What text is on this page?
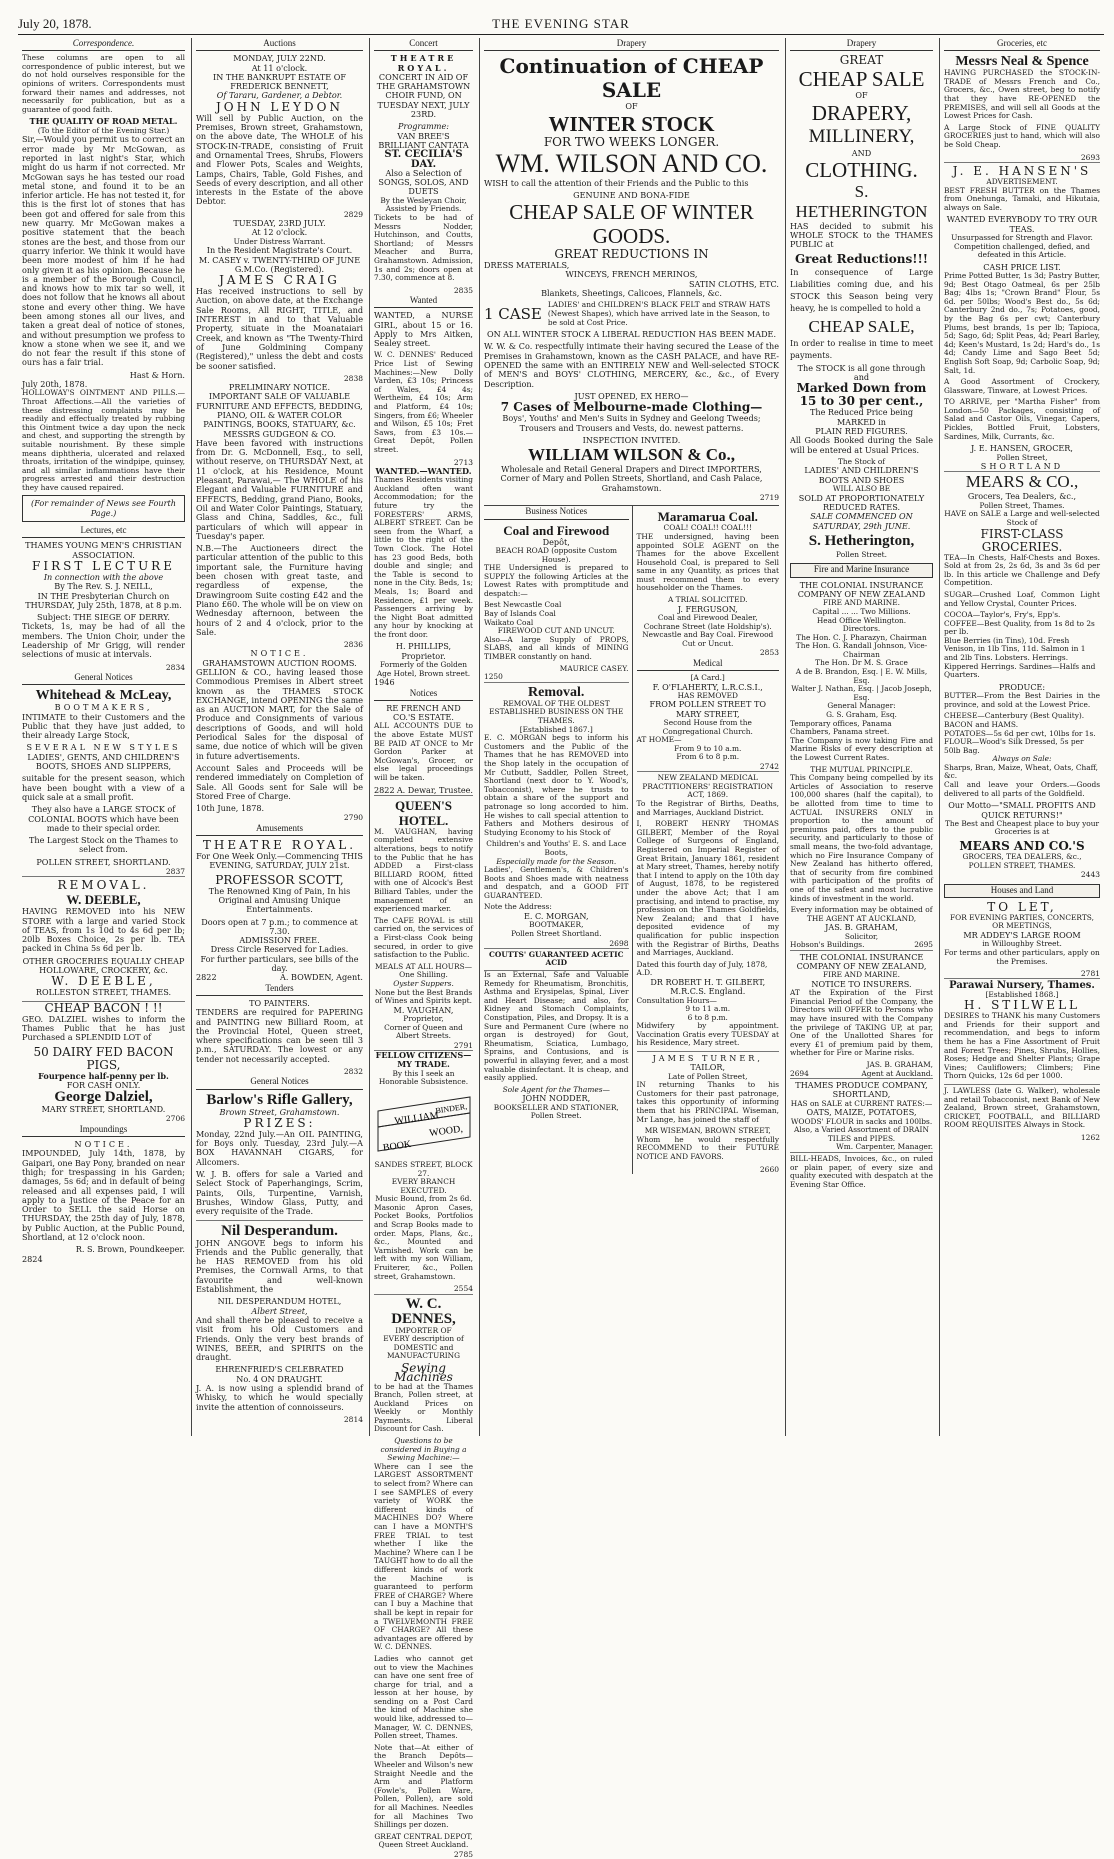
July 20, 1878.	THE EVENING STAR
Correspondence.

These columns are open to all correspondence of public interest, but we do not hold ourselves responsible for the opinions of writers. Correspondents must forward their names and addresses, not necessarily for publication, but as a guarantee of good faith.

THE QUALITY OF ROAD METAL.
(To the Editor of the Evening Star.)

Sir,—Would you permit us to correct an error made by Mr McGowan, as reported in last night's Star, which might do us harm if not corrected. Mr McGowan says he has tested our road metal stone, and found it to be an inferior article. He has not tested it, for this is the first lot of stones that has been got and offered for sale from this new quarry. Mr McGowan makes a positive statement that the beach stones are the best, and those from our quarry inferior. We think it would have been more modest of him if he had only given it as his opinion. Because he is a member of the Borough Council, and knows how to mix tar so well, it does not follow that he knows all about stone and every other thing. We have been among stones all our lives, and taken a great deal of notice of stones, and without presumption we profess to know a stone when we see it, and we do not fear the result if this stone of ours has a fair trial.

Hast & Horn.
July 20th, 1878.

HOLLOWAY'S OINTMENT AND PILLS.—Throat Affections.—All the varieties of these distressing complaints may be readily and effectually treated by rubbing this Ointment twice a day upon the neck and chest, and supporting the strength by suitable nourishment. By these simple means diphtheria, ulcerated and relaxed throats, irritation of the windpipe, quinsey, and all similar inflammations have their progress arrested and their destruction they have caused repaired.

(For remainder of News see Fourth Page.)
Lectures, etc
THAMES YOUNG MEN'S CHRISTIAN ASSOCIATION.
FIRST LECTURE
In connection with the above
By The Rev. S. J. NEILL,

IN THE Presbyterian Church on THURSDAY, July 25th, 1878, at 8 p.m.

Subject: THE SIEGE OF DERRY.

Tickets, 1s, may be had of all the members. The Union Choir, under the Leadership of Mr Grigg, will render selections of music at intervals.

2834
General Notices
Whitehead & McLeay,
BOOTMAKERS,

INTIMATE to their Customers and the Public that they have just added, to their already Large Stock,

SEVERAL NEW STYLES

LADIES', GENTS, AND CHILDREN'S BOOTS, SHOES AND SLIPPERS,

suitable for the present season, which have been bought with a view of a quick sale at a small profit.

They also have a LARGE STOCK of COLONIAL BOOTS which have been made to their special order.

The Largest Stock on the Thames to select from.

POLLEN STREET, SHORTLAND.
2837
REMOVAL.
W. DEEBLE,

HAVING REMOVED into his NEW STORE with a large and varied Stock of TEAS, from 1s 10d to 4s 6d per lb; 20lb Boxes Choice, 2s per lb. TEA packed in China 5s 6d per lb.

OTHER GROCERIES EQUALLY CHEAP
HOLLOWARE, CROCKERY, &c.
W. DEEBLE,
ROLLESTON STREET, THAMES.
CHEAP BACON ! !!

GEO. DALZIEL wishes to inform the Thames Public that he has just Purchased a SPLENDID LOT of

50 DAIRY FED BACON PIGS,
Fourpence half-penny per lb.
FOR CASH ONLY.
George Dalziel,
MARY STREET, SHORTLAND.
2706
Impoundings
NOTICE.

IMPOUNDED, July 14th, 1878, by Gaipari, one Bay Pony, branded on near thigh; for trespassing in his Garden; damages, 5s 6d; and in default of being released and all expenses paid, I will apply to a Justice of the Peace for an Order to SELL the said Horse on THURSDAY, the 25th day of July, 1878, by Public Auction, at the Public Pound, Shortland, at 12 o'clock noon.

R. S. Brown, Poundkeeper.
2824
Auctions
MONDAY, JULY 22ND.
At 11 o'clock.
IN THE BANKRUPT ESTATE OF FREDERICK BENNETT,
Of Tararu, Gardener, a Debtor.
JOHN LEYDON

Will sell by Public Auction, on the Premises, Brown street, Grahamstown, on the above date, The WHOLE of his STOCK-IN-TRADE, consisting of Fruit and Ornamental Trees, Shrubs, Flowers and Flower Pots, Scales and Weights, Lamps, Chairs, Table, Gold Fishes, and Seeds of every description, and all other interests in the Estate of the above Debtor.

2829
TUESDAY, 23RD JULY.
At 12 o'clock.
Under Distress Warrant.
In the Resident Magistrate's Court.
M. CASEY v. TWENTY-THIRD OF JUNE G.M.Co. (Registered).
JAMES CRAIG

Has received instructions to sell by Auction, on above date, at the Exchange Sale Rooms, All RIGHT, TITLE, and INTEREST in and to that Valuable Property, situate in the Moanataiari Creek, and known as "The Twenty-Third of June Goldmining Company (Registered)," unless the debt and costs be sooner satisfied.

2838
PRELIMINARY NOTICE.
IMPORTANT SALE OF VALUABLE FURNITURE AND EFFECTS, BEDDING, PIANO, OIL & WATER COLOR PAINTINGS, BOOKS, STATUARY, &c.
MESSRS GUDGEON & CO.

Have been favored with instructions from Dr. G. McDonnell, Esq., to sell, without reserve, on THURSDAY Next, at 11 o'clock, at his Residence, Mount Pleasant, Parawai,— The WHOLE of his Elegant and Valuable FURNITURE and EFFECTS, Bedding, grand Piano, Books, Oil and Water Color Paintings, Statuary, Glass and China, Saddles, &c., full particulars of which will appear in Tuesday's paper.

N.B.—The Auctioneers direct the particular attention of the public to this important sale, the Furniture having been chosen with great taste, and regardless of expense, the Drawingroom Suite costing £42 and the Piano £60. The whole will be on view on Wednesday afternoon, between the hours of 2 and 4 o'clock, prior to the Sale.

2836
NOTICE.
GRAHAMSTOWN AUCTION ROOMS.

GELLION & CO., having leased those Commodious Premises in Albert street known as the THAMES STOCK EXCHANGE, intend OPENING the same as an AUCTION MART, for the Sale of Produce and Consignments of various descriptions of Goods, and will hold Periodical Sales for the disposal of same, due notice of which will be given in future advertisements.

Account Sales and Proceeds will be rendered immediately on Completion of Sale. All Goods sent for Sale will be Stored Free of Charge.

10th June, 1878.
2790
Amusements
THEATRE ROYAL.

For One Week Only.—Commencing THIS EVENING, SATURDAY, JULY 21st.

PROFESSOR SCOTT,

The Renowned King of Pain, In his Original and Amusing Unique Entertainments.

Doors open at 7 p.m.; to commence at 7.30.
ADMISSION FREE.
Dress Circle Reserved for Ladies.
For further particulars, see bills of the day.
2822	A. BOWDEN, Agent.
Tenders
TO PAINTERS.

TENDERS are required for PAPERING and PAINTING new Billiard Room, at the Provincial Hotel, Queen street, where specifications can be seen till 3 p.m., SATURDAY. The lowest or any tender not necessarily accepted.

2832
General Notices
Barlow's Rifle Gallery,
Brown Street, Grahamstown.
PRIZES:

Monday, 22nd July.—An OIL PAINTING, for Boys only. Tuesday, 23rd July.—A BOX HAVANNAH CIGARS, for Allcomers.

W. J. B. offers for sale a Varied and Select Stock of Paperhangings, Scrim, Paints, Oils, Turpentine, Varnish, Brushes, Window Glass, Putty, and every requisite of the Trade.

Nil Desperandum.

JOHN ANGOVE begs to inform his Friends and the Public generally, that he HAS REMOVED from his old Premises, the Cornwall Arms, to that favourite and well-known Establishment, the

NIL DESPERANDUM HOTEL,
Albert Street,

And shall there be pleased to receive a visit from his Old Customers and Friends. Only the very best brands of WINES, BEER, and SPIRITS on the draught.

EHRENFRIED'S CELEBRATED
No. 4 ON DRAUGHT.

J. A. is now using a splendid brand of Whisky, to which he would specially invite the attention of connoisseurs.

2814
Concert
THEATRE ROYAL.

CONCERT IN AID OF THE GRAHAMSTOWN CHOIR FUND, ON TUESDAY NEXT, JULY 23RD.

Programme:
VAN BREE'S BRILLIANT CANTATA
ST. CECILIA'S DAY.
Also a Selection of SONGS, SOLOS, AND DUETS
By the Wesleyan Choir, Assisted by Friends.

Tickets to be had of Messrs Nodder, Hutchinson, and Coutts, Shortland; of Messrs Meacher and Burra, Grahamstown. Admission, 1s and 2s; doors open at 7.30, commence at 8.

2835
Wanted

WANTED, a NURSE GIRL, about 15 or 16. Apply to Mrs Aitken, Sealey street.

W. C. DENNES' Reduced Price List of Sewing Machines:—New Dolly Varden, £3 10s; Princess of Wales, £4 4s; Wertheim, £4 10s; Arm and Platform, £4 10s; Singers, from £6; Wheeler and Wilson, £5 10s; Fret Saws, from £3 10s.—Great Depôt, Pollen street.

2713
WANTED.—WANTED.

Thames Residents visiting Auckland often want Accommodation; for the future try the FORESTERS' ARMS, ALBERT STREET. Can be seen from the Wharf, a little to the right of the Town Clock. The Hotel has 23 good Beds, both double and single; and the Table is second to none in the City. Beds, 1s; Meals, 1s; Board and Residence, £1 per week. Passengers arriving by the Night Boat admitted any hour by knocking at the front door.

H. PHILLIPS, Proprietor.
Formerly of the Golden Age Hotel, Brown street.
1946
Notices
RE FRENCH AND CO.'S ESTATE.

ALL ACCOUNTS DUE to the above Estate MUST BE PAID AT ONCE to Mr Gordon Parker at McGowan's, Grocer, or else legal proceedings will be taken.

2822 A. Dewar, Trustee.
QUEEN'S HOTEL.

M. VAUGHAN, having completed extensive alterations, begs to notify to the Public that he has ADDED a First-class BILLIARD ROOM, fitted with one of Alcock's Best Billiard Tables, under the management of an experienced marker.

The CAFE ROYAL is still carried on, the services of a First-class Cook being secured, in order to give satisfaction to the Public.

MEALS AT ALL HOURS—One Shilling.
Oyster Suppers.
None but the Best Brands of Wines and Spirits kept.
M. VAUGHAN,
Proprietor,
Corner of Queen and Albert Streets.
2791
FELLOW CITIZENS—MY TRADE.
By this I seek an Honorable Subsistence.
WILLIAM
BINDER,
BOOK
WOOD,
SANDES STREET, BLOCK 27.
EVERY BRANCH EXECUTED.
Music Bound, from 2s 6d.

Masonic Apron Cases, Pocket Books, Portfolios and Scrap Books made to order. Maps, Plans, &c., &c., Mounted and Varnished. Work can be left with my son William, Fruiterer, &c., Pollen street, Grahamstown.

2554
W. C. DENNES,
IMPORTER OF

EVERY description of DOMESTIC and MANUFACTURING

Sewing Machines

to be had at the Thames Branch, Pollen street, at Auckland Prices on Weekly or Monthly Payments. Liberal Discount for Cash.

Questions to be considered in Buying a Sewing Machine:—

Where can I see the LARGEST ASSORTMENT to select from? Where can I see SAMPLES of every variety of WORK the different kinds of MACHINES DO? Where can I have a MONTH'S FREE TRIAL to test whether I like the Machine? Where can I be TAUGHT how to do all the different kinds of work the Machine is guaranteed to perform FREE of CHARGE? Where can I buy a Machine that shall be kept in repair for a TWELVEMONTH FREE OF CHARGE? All these advantages are offered by W. C. DENNES.

Ladies who cannot get out to view the Machines can have one sent free of charge for trial, and a lesson at her house, by sending on a Post Card the kind of Machine she would like, addressed to—Manager, W. C. DENNES, Pollen street, Thames.

Note that—At either of the Branch Depôts—Wheeler and Wilson's new Straight Needle and the Arm and Platform (Fowle's, Pollen Ware, Pollen, Pollen), are sold for all Machines. Needles for all Machines Two Shillings per dozen.

GREAT CENTRAL DEPOT,
Queen Street Auckland.
2785
Drapery
Continuation of CHEAP SALE
OF
WINTER STOCK
FOR TWO WEEKS LONGER.
WM. WILSON AND CO.

WISH to call the attention of their Friends and the Public to this

GENUINE AND BONA-FIDE
CHEAP SALE OF WINTER GOODS.
GREAT REDUCTIONS IN
DRESS MATERIALS,
WINCEYS, FRENCH MERINOS,
SATIN CLOTHS, ETC.
Blankets, Sheetings, Calicoes, Flannels, &c.
1 CASE LADIES' and CHILDREN'S BLACK FELT and STRAW HATS (Newest Shapes), which have arrived late in the Season, to be sold at Cost Price.
ON ALL WINTER STOCK A LIBERAL REDUCTION HAS BEEN MADE.

W. W. & Co. respectfully intimate their having secured the Lease of the Premises in Grahamstown, known as the CASH PALACE, and have RE-OPENED the same with an ENTIRELY NEW and Well-selected STOCK of MEN'S and BOYS' CLOTHING, MERCERY, &c., &c., of Every Description.

JUST OPENED, EX HERO—
7 Cases of Melbourne-made Clothing—

Boys', Youths' and Men's Suits in Sydney and Geelong Tweeds; Trousers and Trousers and Vests, do. newest patterns.

INSPECTION INVITED.
WILLIAM WILSON & Co.,
Wholesale and Retail General Drapers and Direct IMPORTERS,
Corner of Mary and Pollen Streets, Shortland, and Cash Palace, Grahamstown.
2719
Business Notices
Coal and Firewood
Depôt,
BEACH ROAD (opposite Custom House).

THE Undersigned is prepared to SUPPLY the following Articles at the Lowest Rates with promptitude and despatch:—

Best Newcastle Coal
Bay of Islands Coal
Waikato Coal
FIREWOOD CUT AND UNCUT.

Also—A large Supply of PROPS, SLABS, and all kinds of MINING TIMBER constantly on hand.

MAURICE CASEY.
1250
Removal.
REMOVAL OF THE OLDEST ESTABLISHED BUSINESS ON THE THAMES.
[Established 1867.]

E. C. MORGAN begs to inform his Customers and the Public of the Thames that he has REMOVED into the Shop lately in the occupation of Mr Cutbutt, Saddler, Pollen Street, Shortland (next door to Y. Wood's, Tobacconist), where he trusts to obtain a share of the support and patronage so long accorded to him. He wishes to call special attention to Fathers and Mothers desirous of Studying Economy to his Stock of

Children's and Youths' E. S. and Lace Boots,
Especially made for the Season.

Ladies', Gentlemen's, & Children's Boots and Shoes made with neatness and despatch, and a GOOD FIT GUARANTEED.

Note the Address:
E. C. MORGAN,
BOOTMAKER,
Pollen Street Shortland.
2698
COUTTS' GUARANTEED ACETIC ACID

Is an External, Safe and Valuable Remedy for Rheumatism, Bronchitis, Asthma and Erysipelas, Spinal, Liver and Heart Disease; and also, for Kidney and Stomach Complaints, Constipation, Piles, and Dropsy. It is a Sure and Permanent Cure (where no organ is destroyed) for Gout, Rheumatism, Sciatica, Lumbago, Sprains, and Contusions, and is powerful in allaying fever, and a most valuable disinfectant. It is cheap, and easily applied.

Sole Agent for the Thames—
JOHN NODDER,
BOOKSELLER AND STATIONER,
Pollen Street.
Maramarua Coal.
COAL! COAL!! COAL!!!

THE undersigned, having been appointed SOLE AGENT on the Thames for the above Excellent Household Coal, is prepared to Sell same in any Quantity, as prices that must recommend them to every householder on the Thames.

A TRIAL SOLICITED.
J. FERGUSON,
Coal and Firewood Dealer,
Cochrane Street (late Holdship's).
Newcastle and Bay Coal. Firewood Cut or Uncut.
2853
Medical
[A Card.]
F. O'FLAHERTY, L.R.C.S.I.,
HAS REMOVED
FROM POLLEN STREET TO MARY STREET,
Second House from the Congregational Church.
AT HOME—
From 9 to 10 a.m.
From 6 to 8 p.m.
2742
NEW ZEALAND MEDICAL PRACTITIONERS' REGISTRATION ACT, 1869.

To the Registrar of Births, Deaths, and Marriages, Auckland District.

I, ROBERT HENRY THOMAS GILBERT, Member of the Royal College of Surgeons of England, Registered on Imperial Register of Great Britain, January 1861, resident at Mary street, Thames, hereby notify that I intend to apply on the 10th day of August, 1878, to be registered under the above Act; that I am practising, and intend to practise, my profession on the Thames Goldfields, New Zealand; and that I have deposited evidence of my qualification for public inspection with the Registrar of Births, Deaths and Marriages, Auckland.

Dated this fourth day of July, 1878, A.D.
DR ROBERT H. T. GILBERT, M.R.C.S. England.
Consultation Hours—
9 to 11 a.m.
6 to 8 p.m.

Midwifery by appointment. Vaccination Gratis every TUESDAY at his Residence, Mary street.

JAMES TURNER,
TAILOR,
Late of Pollen Street,

IN returning Thanks to his Customers for their past patronage, takes this opportunity of informing them that his PRINCIPAL Wiseman, Mr Lange, has joined the staff of

MR WISEMAN, BROWN STREET,

Whom he would respectfully RECOMMEND to their FUTURE NOTICE AND FAVORS.

2660
Drapery
GREAT
CHEAP SALE
OF
DRAPERY,
MILLINERY,
AND
CLOTHING.
S. HETHERINGTON

HAS decided to submit his WHOLE STOCK to the THAMES PUBLIC at

Great Reductions!!!

In consequence of Large Liabilities coming due, and his STOCK this Season being very heavy, he is compelled to hold a

CHEAP SALE,

In order to realise in time to meet payments.

The STOCK is all gone through and
Marked Down from 15 to 30 per cent.,
The Reduced Price being MARKED in
PLAIN RED FIGURES.

All Goods Booked during the Sale will be entered at Usual Prices.

The Stock of
LADIES' AND CHILDREN'S BOOTS AND SHOES
WILL ALSO BE
SOLD AT PROPORTIONATELY REDUCED RATES.
SALE COMMENCED ON SATURDAY, 29th JUNE.
S. Hetherington,
Pollen Street.
Fire and Marine Insurance
THE COLONIAL INSURANCE COMPANY OF NEW ZEALAND
FIRE AND MARINE.
Capital ... ... Two Millions.
Head Office Wellington.
Directors.
The Hon. C. J. Pharazyn, Chairman
The Hon. G. Randall Johnson, Vice-Chairman
The Hon. Dr M. S. Grace
A de B. Brandon, Esq. | E. W. Mills, Esq.
Walter J. Nathan, Esq. | Jacob Joseph, Esq.
General Manager:
G. S. Graham, Esq.
Temporary offices, Panama Chambers, Panama street.

The Company is now taking Fire and Marine Risks of every description at the Lowest Current Rates.

THE MUTUAL PRINCIPLE.

This Company being compelled by its Articles of Association to reserve 100,000 shares (half the capital), to be allotted from time to time to ACTUAL INSURERS ONLY in proportion to the amount of premiums paid, offers to the public security, and particularly to those of small means, the two-fold advantage, which no Fire Insurance Company of New Zealand has hitherto offered, that of security from fire combined with participation of the profits of one of the safest and most lucrative kinds of investment in the world.

Every information may be obtained of
THE AGENT AT AUCKLAND,
JAS. B. GRAHAM,
Solicitor,
Hobson's Buildings.	2695
THE COLONIAL INSURANCE COMPANY OF NEW ZEALAND,
FIRE AND MARINE.
NOTICE TO INSURERS.

AT the Expiration of the First Financial Period of the Company, the Directors will OFFER to Persons who may have insured with the Company the privilege of TAKING UP, at par, One of the Unallotted Shares for every £1 of premium paid by them, whether for Fire or Marine risks.

JAS. B. GRAHAM,
2694	Agent at Auckland.
THAMES PRODUCE COMPANY, SHORTLAND,
HAS on SALE at CURRENT RATES:—
OATS, MAIZE, POTATOES,
WOODS' FLOUR in sacks and 100lbs.
Also, a Varied Assortment of DRAIN TILES and PIPES.
Wm. Carpenter, Manager.

BILL-HEADS, Invoices, &c., on ruled or plain paper, of every size and quality executed with despatch at the Evening Star Office.

Groceries, etc
Messrs Neal & Spence

HAVING PURCHASED the STOCK-IN-TRADE of Messrs French and Co., Grocers, &c., Owen street, beg to notify that they have RE-OPENED the PREMISES, and will sell all Goods at the Lowest Prices for Cash.

A Large Stock of FINE QUALITY GROCERIES just to hand, which will also be Sold Cheap.

2693
J. E. HANSEN'S
ADVERTISEMENT.

BEST FRESH BUTTER on the Thames from Onehunga, Tamaki, and Hikutaia, always on Sale.

WANTED EVERYBODY TO TRY OUR TEAS.

Unsurpassed for Strength and Flavor. Competition challenged, defied, and defeated in this Article.

CASH PRICE LIST.

Prime Potted Butter, 1s 3d; Pastry Butter, 9d; Best Otago Oatmeal, 6s per 25lb Bag; 4lbs 1s; "Crown Brand" Flour, 5s 6d. per 50lbs; Wood's Best do., 5s 6d; Canterbury 2nd do., 7s; Potatoes, good, by the Bag 6s per cwt; Canterbury Plums, best brands, 1s per lb; Tapioca, 5d; Sago, 6d; Split Peas, 4d; Pearl Barley, 4d; Keen's Mustard, 1s 2d; Hard's do., 1s 4d; Candy Lime and Sago Beet 5d; English Soft Soap, 9d; Carbolic Soap, 9d; Salt, 1d.

A Good Assortment of Crockery, Glassware, Tinware, at Lowest Prices.

TO ARRIVE, per "Martha Fisher" from London—50 Packages, consisting of Salad and Castor Oils, Vinegar, Capers, Pickles, Bottled Fruit, Lobsters, Sardines, Milk, Currants, &c.

J. E. HANSEN, GROCER,
Pollen Street,
SHORTLAND
MEARS & CO.,
Grocers, Tea Dealers, &c.,
Pollen Street, Thames.
HAVE on SALE a Large and well-selected Stock of
FIRST-CLASS GROCERIES.

TEA—In Chests, Half-Chests and Boxes. Sold at from 2s, 2s 6d, 3s and 3s 6d per lb. In this article we Challenge and Defy Competition.

SUGAR—Crushed Loaf, Common Light and Yellow Crystal, Counter Prices.

COCOA—Taylor's, Fry's, Epp's.
COFFEE—Best Quality, from 1s 8d to 2s per lb.

Blue Berries (in Tins), 10d. Fresh Venison, in 1lb Tins, 11d. Salmon in 1 and 2lb Tins. Lobsters. Herrings. Kippered Herrings. Sardines—Halfs and Quarters.

PRODUCE:

BUTTER—From the Best Dairies in the province, and sold at the Lowest Price.

CHEESE—Canterbury (Best Quality).
BACON and HAMS.
POTATOES—5s 6d per cwt, 10lbs for 1s.
FLOUR—Wood's Silk Dressed, 5s per 50lb Bag.
Always on Sale:
Sharps, Bran, Maize, Wheat, Oats, Chaff, &c.

Call and leave your Orders.—Goods delivered to all parts of the Goldfield.

Our Motto—"SMALL PROFITS AND QUICK RETURNS!"

The Best and Cheapest place to buy your Groceries is at

MEARS AND CO.'S
GROCERS, TEA DEALERS, &c.,
POLLEN STREET, THAMES.
2443
Houses and Land
TO LET,
FOR EVENING PARTIES, CONCERTS, OR MEETINGS,
MR ADDEY'S LARGE ROOM
in Willoughby Street.

For terms and other particulars, apply on the Premises.

2781
Parawai Nursery, Thames.
[Established 1868.]
H. STILWELL

DESIRES to THANK his many Customers and Friends for their support and recommendation, and begs to inform them he has a Fine Assortment of Fruit and Forest Trees; Pines, Shrubs, Hollies, Roses; Hedge and Shelter Plants; Grape Vines; Cauliflowers; Climbers; Fine Thorn Quicks, 12s 6d per 1000.

J. LAWLESS (late G. Walker), wholesale and retail Tobacconist, next Bank of New Zealand, Brown street, Grahamstown, CRICKET, FOOTBALL, and BILLIARD ROOM REQUISITES Always in Stock.

1262
